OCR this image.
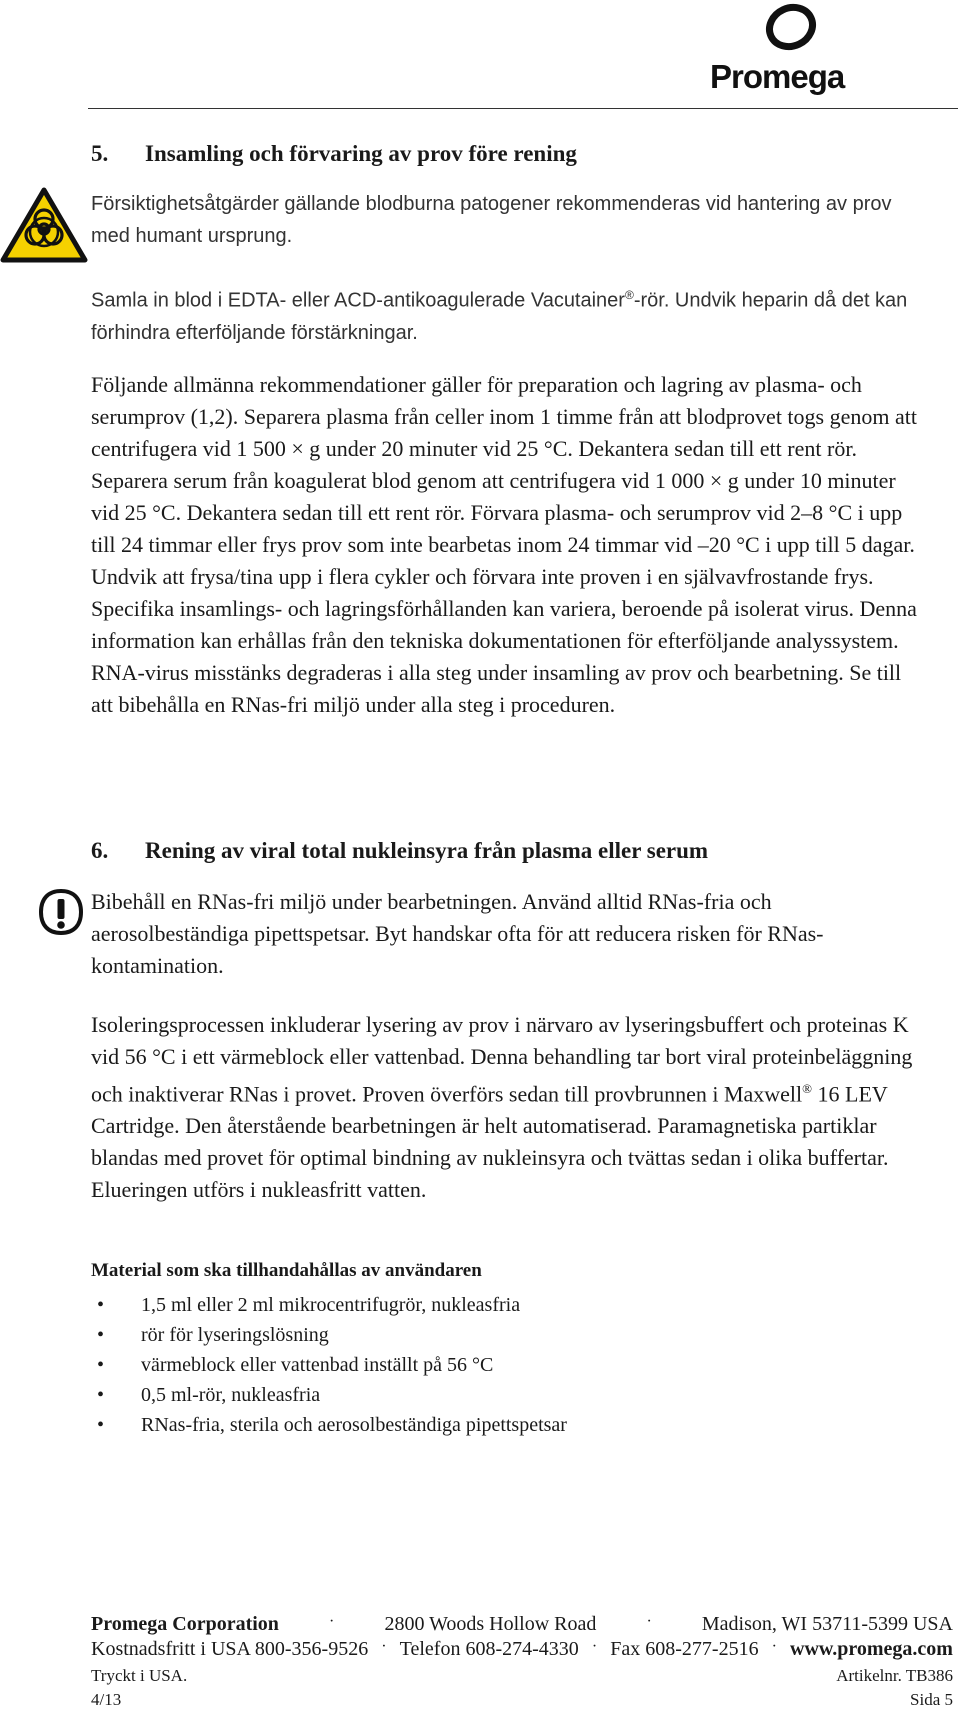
Promega
5. Insamling och förvaring av prov före rening
Försiktighetsåtgärder gällande blodburna patogener rekommenderas vid hantering av prov med humant ursprung.
Samla in blod i EDTA- eller ACD-antikoagulerade Vacutainer®-rör. Undvik heparin då det kan förhindra efterföljande förstärkningar.
Följande allmänna rekommendationer gäller för preparation och lagring av plasma- och serumprov (1,2). Separera plasma från celler inom 1 timme från att blodprovet togs genom att centrifugera vid 1 500 × g under 20 minuter vid 25 °C. Dekantera sedan till ett rent rör. Separera serum från koagulerat blod genom att centrifugera vid 1 000 × g under 10 minuter vid 25 °C. Dekantera sedan till ett rent rör. Förvara plasma- och serumprov vid 2–8 °C i upp till 24 timmar eller frys prov som inte bearbetas inom 24 timmar vid –20 °C i upp till 5 dagar. Undvik att frysa/tina upp i flera cykler och förvara inte proven i en självavfrostande frys. Specifika insamlings- och lagringsförhållanden kan variera, beroende på isolerat virus. Denna information kan erhållas från den tekniska dokumentationen för efterföljande analyssystem. RNA-virus misstänks degraderas i alla steg under insamling av prov och bearbetning. Se till att bibehålla en RNas-fri miljö under alla steg i proceduren.
6. Rening av viral total nukleinsyra från plasma eller serum
Bibehåll en RNas-fri miljö under bearbetningen. Använd alltid RNas-fria och aerosolbeständiga pipettspetsar. Byt handskar ofta för att reducera risken för RNas-kontamination.
Isoleringsprocessen inkluderar lysering av prov i närvaro av lyseringsbuffert och proteinas K vid 56 °C i ett värmeblock eller vattenbad. Denna behandling tar bort viral proteinbeläggning och inaktiverar RNas i provet. Proven överförs sedan till provbrunnen i Maxwell® 16 LEV Cartridge. Den återstående bearbetningen är helt automatiserad. Paramagnetiska partiklar blandas med provet för optimal bindning av nukleinsyra och tvättas sedan i olika buffertar. Elueringen utförs i nukleasfritt vatten.
Material som ska tillhandahållas av användaren
• 1,5 ml eller 2 ml mikrocentrifugrör, nukleasfria
• rör för lyseringslösning
• värmeblock eller vattenbad inställt på 56 °C
• 0,5 ml-rör, nukleasfria
• RNas-fria, sterila och aerosolbeständiga pipettspetsar
Promega Corporation	·	2800 Woods Hollow Road	·	Madison, WI 53711-5399 USA
Kostnadsfritt i USA 800-356-9526 · Telefon 608-274-4330 · Fax 608-277-2516 · www.promega.com
Tryckt i USA.	Artikelnr. TB386
4/13	Sida 5
